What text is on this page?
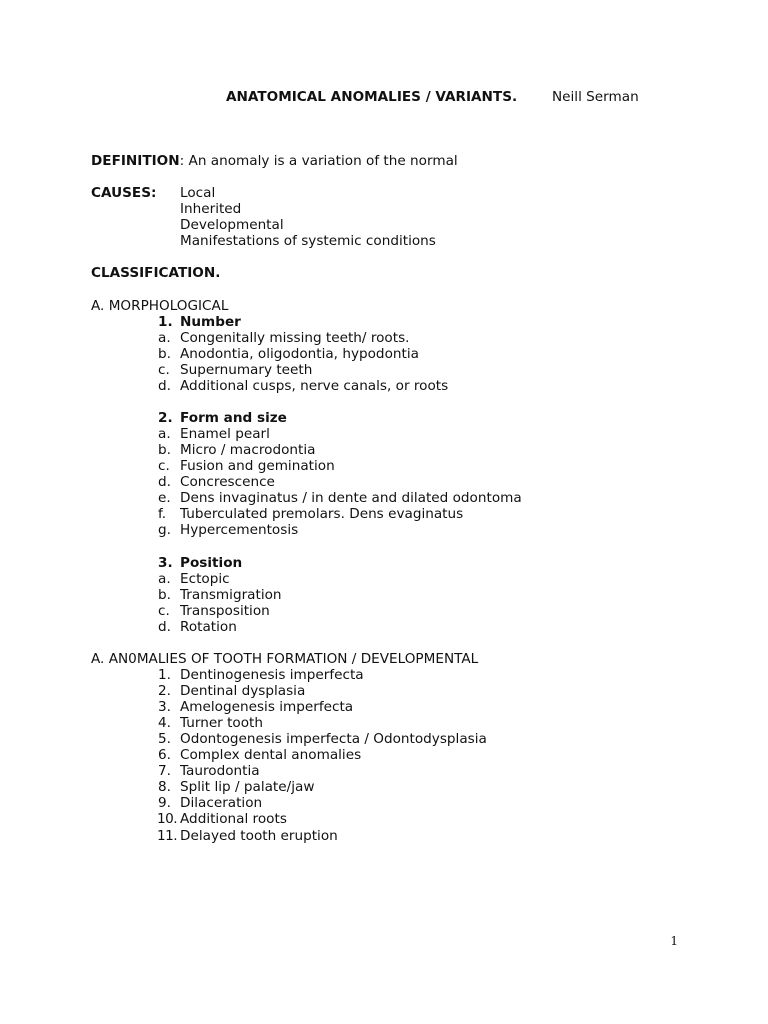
ANATOMICAL ANOMALIES / VARIANTS.	Neill Serman
DEFINITION: An anomaly is a variation of the normal
CAUSES: Local
Inherited
Developmental
Manifestations of systemic conditions
CLASSIFICATION.
A. MORPHOLOGICAL
1. Number
a. Congenitally missing teeth/ roots.
b. Anodontia, oligodontia, hypodontia
c. Supernumary teeth
d. Additional cusps, nerve canals, or roots
2. Form and size
a. Enamel pearl
b. Micro / macrodontia
c. Fusion and gemination
d. Concrescence
e. Dens invaginatus / in dente and dilated odontoma
f. Tuberculated premolars. Dens evaginatus
g. Hypercementosis
3. Position
a. Ectopic
b. Transmigration
c. Transposition
d. Rotation
A. AN0MALIES OF TOOTH FORMATION / DEVELOPMENTAL
1. Dentinogenesis imperfecta
2. Dentinal dysplasia
3. Amelogenesis imperfecta
4. Turner tooth
5. Odontogenesis imperfecta / Odontodysplasia
6. Complex dental anomalies
7. Taurodontia
8. Split lip / palate/jaw
9. Dilaceration
10. Additional roots
11. Delayed tooth eruption
1
